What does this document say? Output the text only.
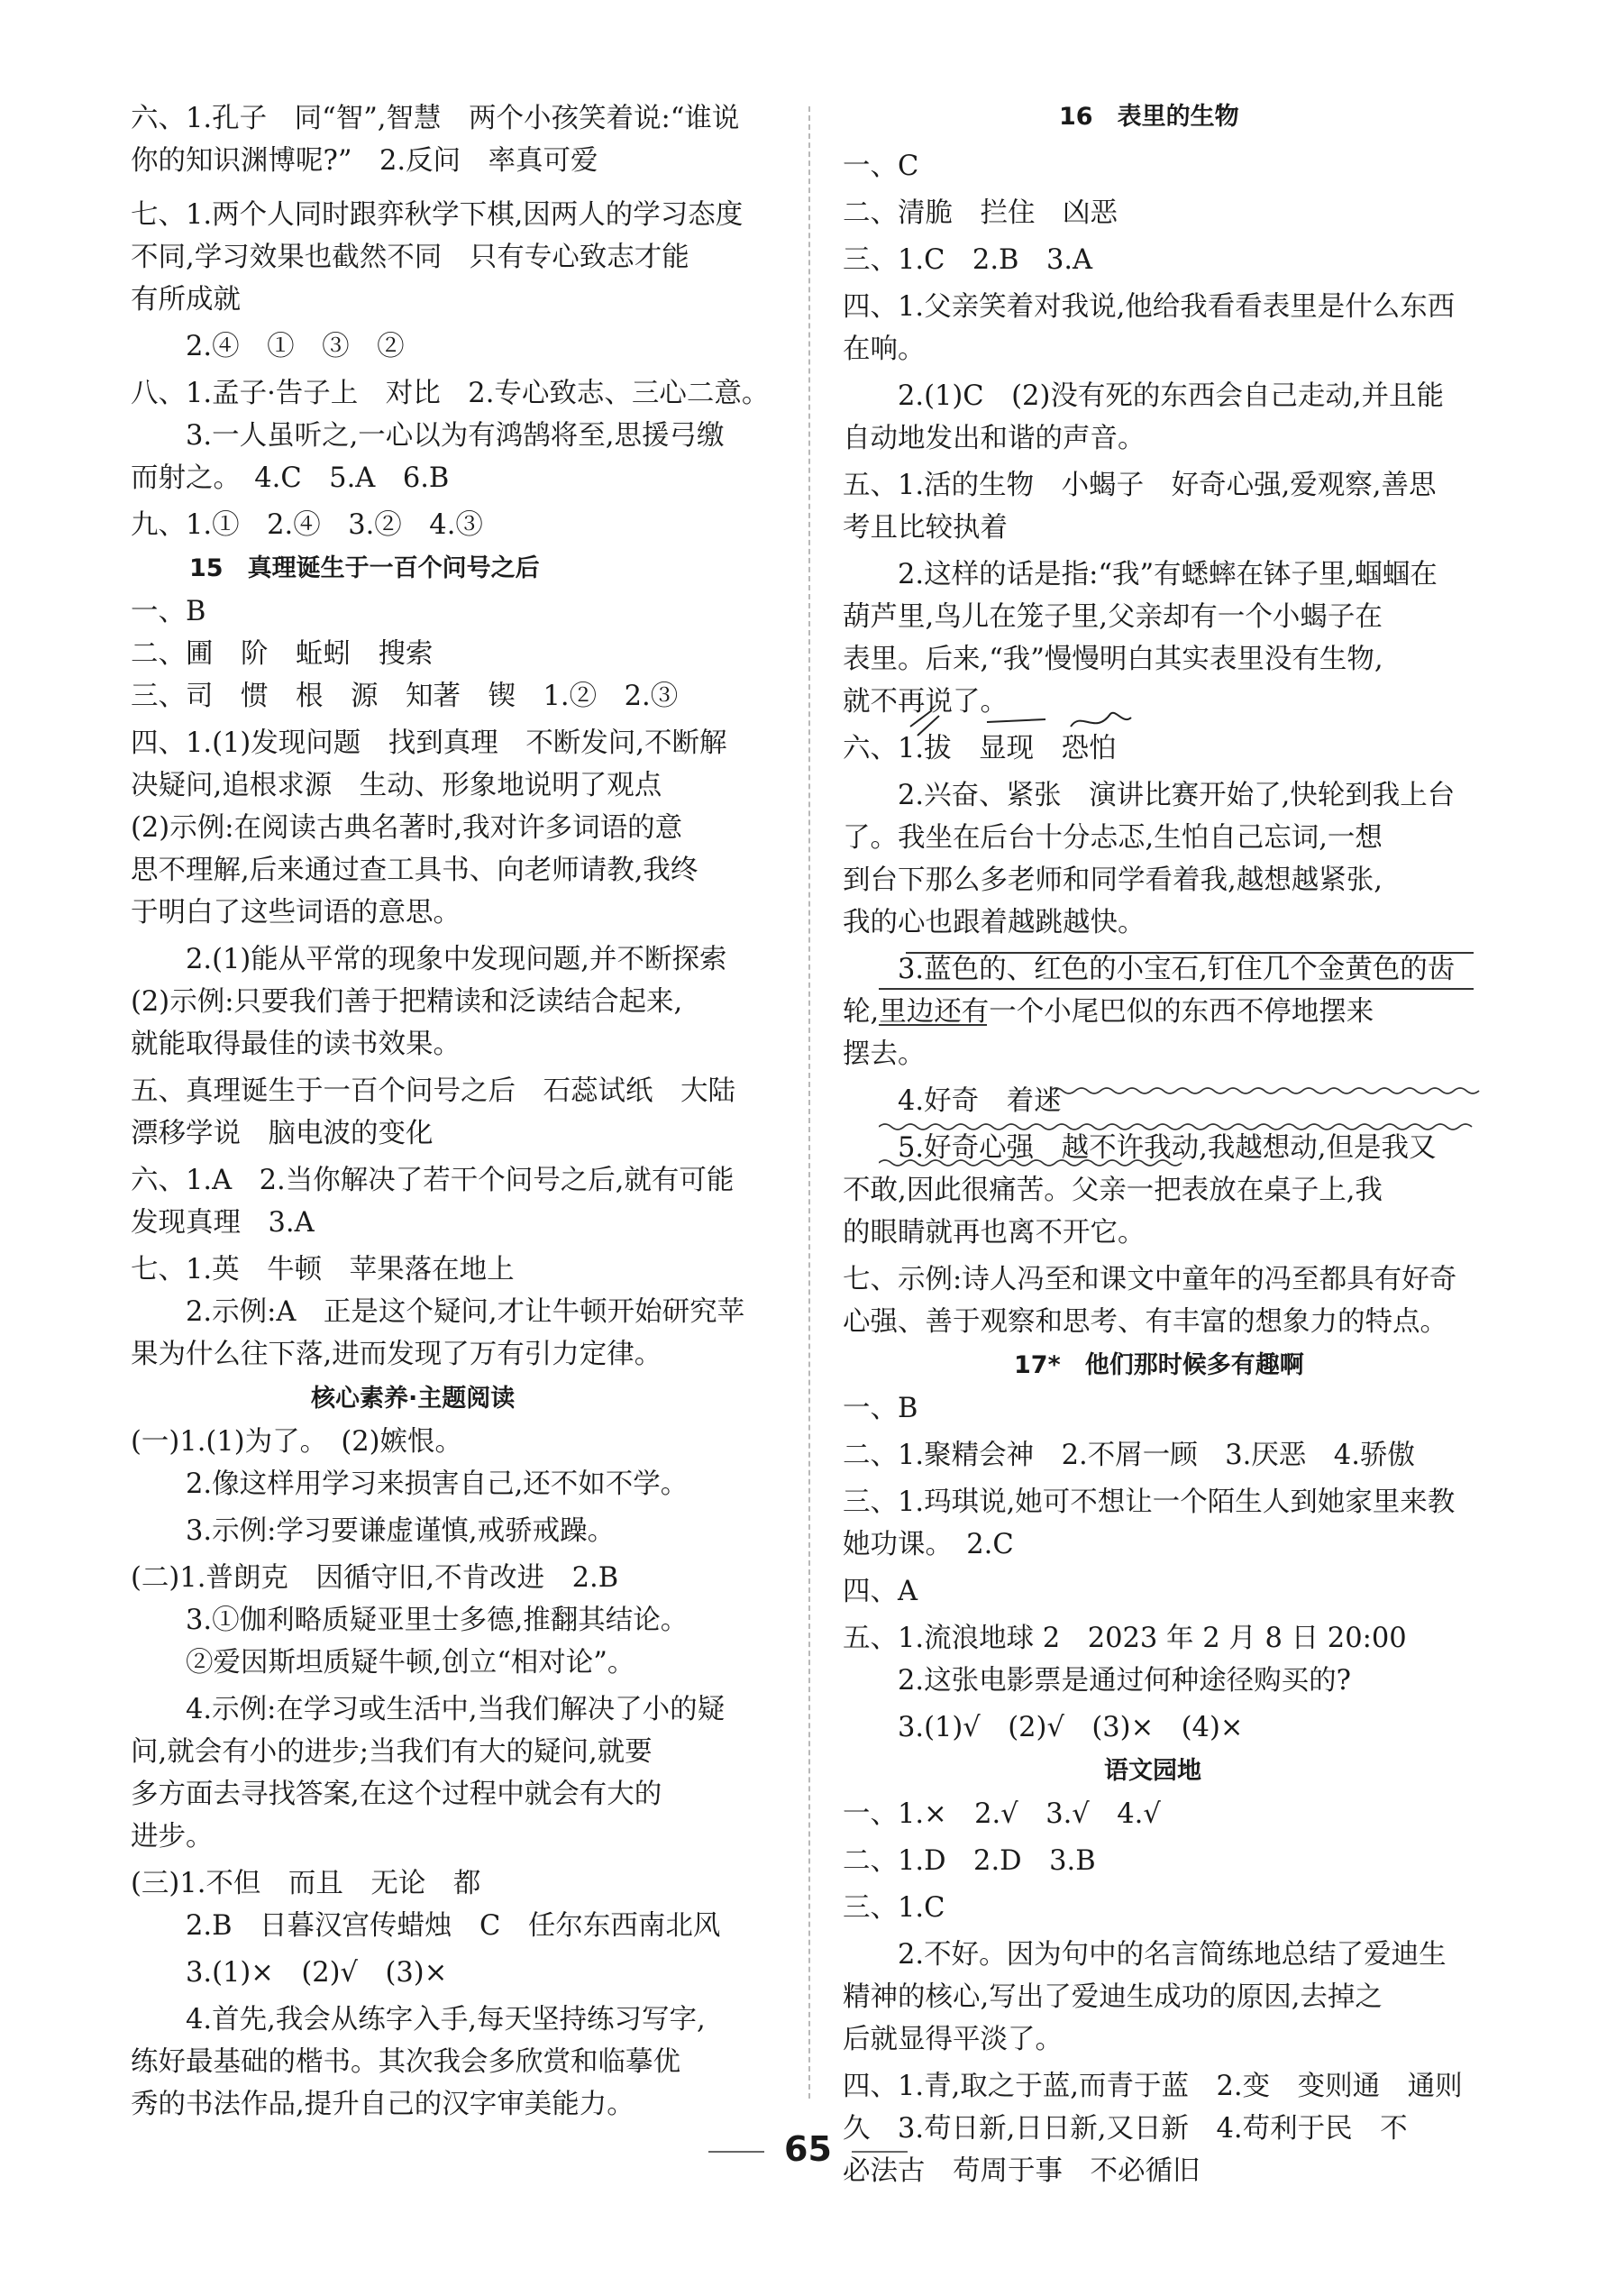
六、1.孔子　同“智”,智慧　两个小孩笑着说:“谁说
你的知识渊博呢?”　2.反问　率真可爱
七、1.两个人同时跟弈秋学下棋,因两人的学习态度
不同,学习效果也截然不同　只有专心致志才能
有所成就
　　2.④　①　③　②
八、1.孟子·告子上　对比　2.专心致志、三心二意。
　　3.一人虽听之,一心以为有鸿鹄将至,思援弓缴
而射之。　4.C　5.A　6.B
九、1.①　2.④　3.②　4.③
15　真理诞生于一百个问号之后
一、B
二、圃　阶　蚯蚓　搜索
三、司　惯　根　源　知著　锲　1.②　2.③
四、1.(1)发现问题　找到真理　不断发问,不断解
决疑问,追根求源　生动、形象地说明了观点
(2)示例:在阅读古典名著时,我对许多词语的意
思不理解,后来通过查工具书、向老师请教,我终
于明白了这些词语的意思。
　　2.(1)能从平常的现象中发现问题,并不断探索
(2)示例:只要我们善于把精读和泛读结合起来,
就能取得最佳的读书效果。
五、真理诞生于一百个问号之后　石蕊试纸　大陆
漂移学说　脑电波的变化
六、1.A　2.当你解决了若干个问号之后,就有可能
发现真理　3.A
七、1.英　牛顿　苹果落在地上
　　2.示例:A　正是这个疑问,才让牛顿开始研究苹
果为什么往下落,进而发现了万有引力定律。
核心素养·主题阅读
(一)1.(1)为了。　(2)嫉恨。
　　2.像这样用学习来损害自己,还不如不学。
　　3.示例:学习要谦虚谨慎,戒骄戒躁。
(二)1.普朗克　因循守旧,不肯改进　2.B
　　3.①伽利略质疑亚里士多德,推翻其结论。
　　②爱因斯坦质疑牛顿,创立“相对论”。
　　4.示例:在学习或生活中,当我们解决了小的疑
问,就会有小的进步;当我们有大的疑问,就要
多方面去寻找答案,在这个过程中就会有大的
进步。
(三)1.不但　而且　无论　都
　　2.B　日暮汉宫传蜡烛　C　任尔东西南北风
　　3.(1)×　(2)√　(3)×
　　4.首先,我会从练字入手,每天坚持练习写字,
练好最基础的楷书。其次我会多欣赏和临摹优
秀的书法作品,提升自己的汉字审美能力。
16　表里的生物
一、C
二、清脆　拦住　凶恶
三、1.C　2.B　3.A
四、1.父亲笑着对我说,他给我看看表里是什么东西
在响。
　　2.(1)C　(2)没有死的东西会自己走动,并且能
自动地发出和谐的声音。
五、1.活的生物　小蝎子　好奇心强,爱观察,善思
考且比较执着
　　2.这样的话是指:“我”有蟋蟀在钵子里,蝈蝈在
葫芦里,鸟儿在笼子里,父亲却有一个小蝎子在
表里。后来,“我”慢慢明白其实表里没有生物,
就不再说了。
六、1.拔　显现　恐怕
　　2.兴奋、紧张　演讲比赛开始了,快轮到我上台
了。我坐在后台十分忐忑,生怕自己忘词,一想
到台下那么多老师和同学看着我,越想越紧张,
我的心也跟着越跳越快。
　　3.蓝色的、红色的小宝石,钉住几个金黄色的齿
轮,里边还有一个小尾巴似的东西不停地摆来
摆去。
　　4.好奇　着迷
　　5.好奇心强　越不许我动,我越想动,但是我又
不敢,因此很痛苦。父亲一把表放在桌子上,我
的眼睛就再也离不开它。
七、示例:诗人冯至和课文中童年的冯至都具有好奇
心强、善于观察和思考、有丰富的想象力的特点。
17*　他们那时候多有趣啊
一、B
二、1.聚精会神　2.不屑一顾　3.厌恶　4.骄傲
三、1.玛琪说,她可不想让一个陌生人到她家里来教
她功课。　2.C
四、A
五、1.流浪地球 2　2023 年 2 月 8 日 20:00
　　2.这张电影票是通过何种途径购买的?
　　3.(1)√　(2)√　(3)×　(4)×
语文园地
一、1.×　2.√　3.√　4.√
二、1.D　2.D　3.B
三、1.C
　　2.不好。因为句中的名言简练地总结了爱迪生
精神的核心,写出了爱迪生成功的原因,去掉之
后就显得平淡了。
四、1.青,取之于蓝,而青于蓝　2.变　变则通　通则
久　3.苟日新,日日新,又日新　4.苟利于民　不
必法古　苟周于事　不必循旧
65
